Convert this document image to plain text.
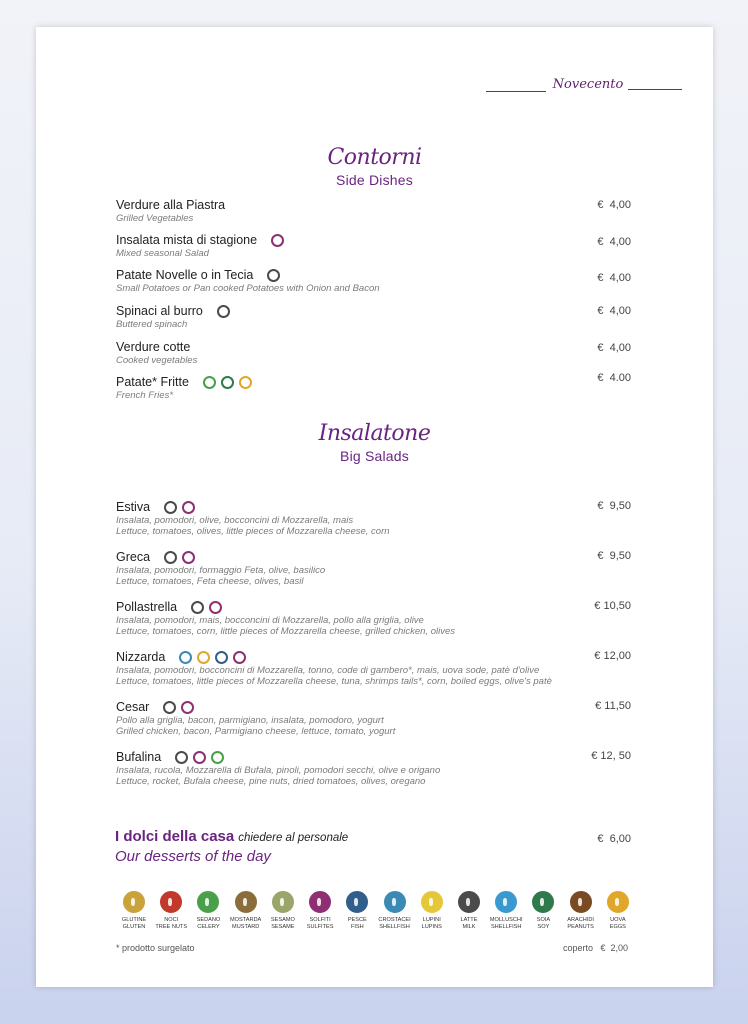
Novecento
Contorni
Side Dishes
Verdure alla Piastra
Grilled Vegetables
€  4,00
Insalata mista di stagione
Mixed seasonal Salad
€  4,00
Patate Novelle o in Tecia
Small Potatoes or Pan cooked Potatoes with Onion and Bacon
€  4,00
Spinaci al burro
Buttered spinach
€  4,00
Verdure cotte
Cooked vegetables
€  4,00
Patate* Fritte
French Fries*
€  4.00
Insalatone
Big Salads
Estiva
Insalata, pomodori, olive, bocconcini di Mozzarella, mais
Lettuce, tomatoes, olives, little pieces of Mozzarella cheese, corn
€  9,50
Greca
Insalata, pomodori, formaggio Feta, olive, basilico
Lettuce, tomatoes, Feta cheese, olives, basil
€  9,50
Pollastrella
Insalata, pomodori, mais, bocconcini di Mozzarella, pollo alla griglia, olive
Lettuce, tomatoes, corn, little pieces of Mozzarella cheese, grilled chicken, olives
€ 10,50
Nizzarda
Insalata, pomodori, bocconcini di Mozzarella, tonno, code di gambero*, mais, uova sode, patè d'olive
Lettuce, tomatoes, little pieces of Mozzarella cheese, tuna, shrimps tails*, corn, boiled eggs, olive's patè
€ 12,00
Cesar
Pollo alla griglia, bacon, parmigiano, insalata, pomodoro, yogurt
Grilled chicken, bacon, Parmigiano cheese, lettuce, tomato, yogurt
€ 11,50
Bufalina
Insalata, rucola, Mozzarella di Bufala, pinoli, pomodori secchi, olive e origano
Lettuce, rocket, Bufala cheese, pine nuts, dried tomatoes, olives, oregano
€ 12, 50
I dolci della casa chiedere al personale
Our desserts of the day
€  6,00
GLUTINE
GLUTEN
NOCI
TREE NUTS
SEDANO
CELERY
MOSTARDA
MUSTARD
SESAMO
SESAME
SOLFITI
SULFITES
PESCE
FISH
CROSTACEI
SHELLFISH
LUPINI
LUPINS
LATTE
MILK
MOLLUSCHI
SHELLFISH
SOIA
SOY
ARACHIDI
PEANUTS
UOVA
EGGS
* prodotto surgelato	coperto   €  2,00
